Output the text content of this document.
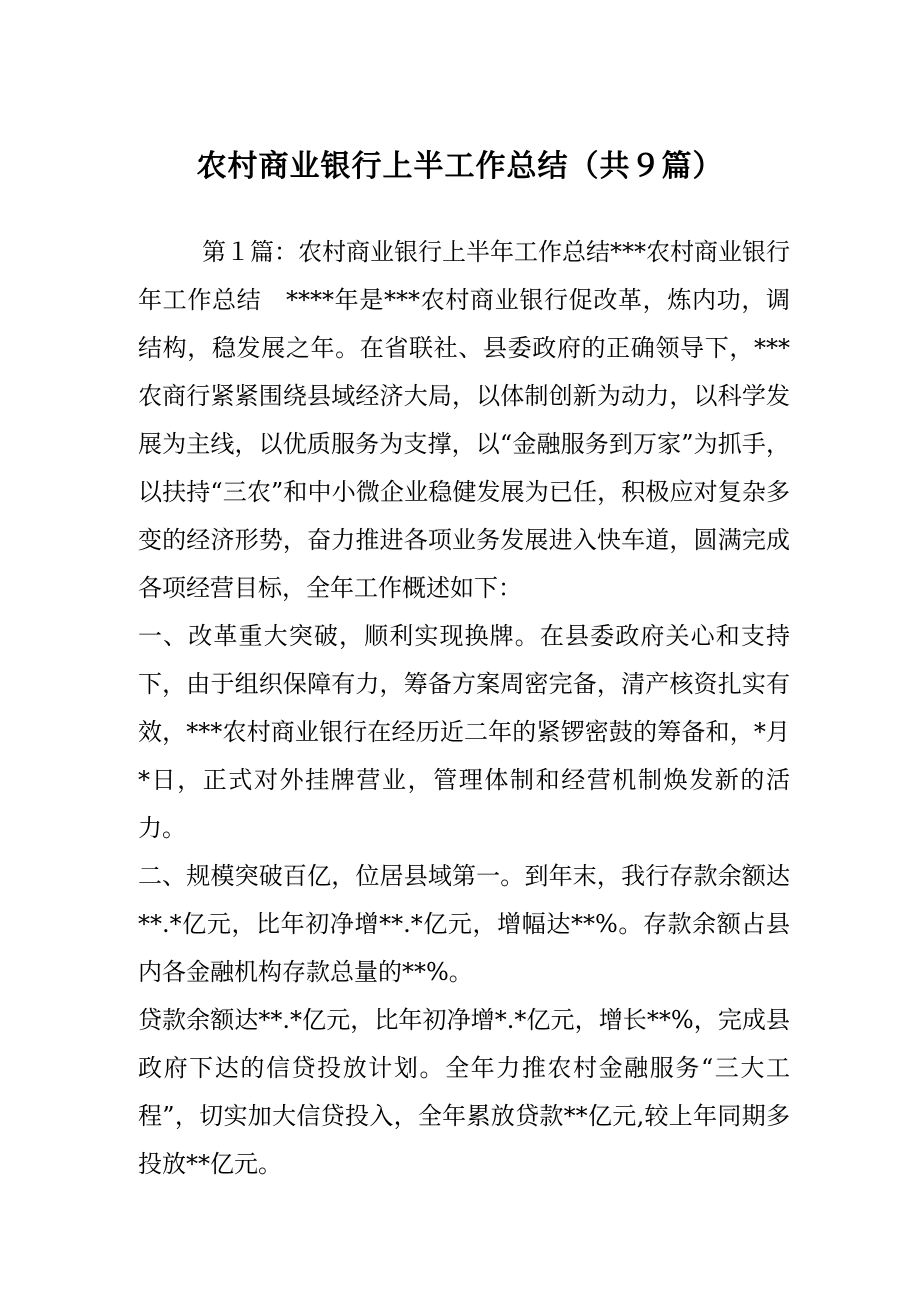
农村商业银行上半工作总结（共９篇）

第１篇：农村商业银行上半年工作总结***农村商业银行年工作总结　****年是***农村商业银行促改革，炼内功，调结构，稳发展之年。在省联社、县委政府的正确领导下，***农商行紧紧围绕县域经济大局，以体制创新为动力，以科学发展为主线，以优质服务为支撑，以“金融服务到万家”为抓手，以扶持“三农”和中小微企业稳健发展为已任，积极应对复杂多变的经济形势，奋力推进各项业务发展进入快车道，圆满完成各项经营目标，全年工作概述如下：

一、改革重大突破，顺利实现换牌。在县委政府关心和支持下，由于组织保障有力，筹备方案周密完备，清产核资扎实有效，***农村商业银行在经历近二年的紧锣密鼓的筹备和，*月*日，正式对外挂牌营业，管理体制和经营机制焕发新的活力。

二、规模突破百亿，位居县域第一。到年末，我行存款余额达**.*亿元，比年初净增**.*亿元，增幅达**%。存款余额占县内各金融机构存款总量的**%。

贷款余额达**.*亿元，比年初净增*.*亿元，增长**%，完成县政府下达的信贷投放计划。全年力推农村金融服务“三大工程”，切实加大信贷投入，全年累放贷款**亿元,较上年同期多投放**亿元。
